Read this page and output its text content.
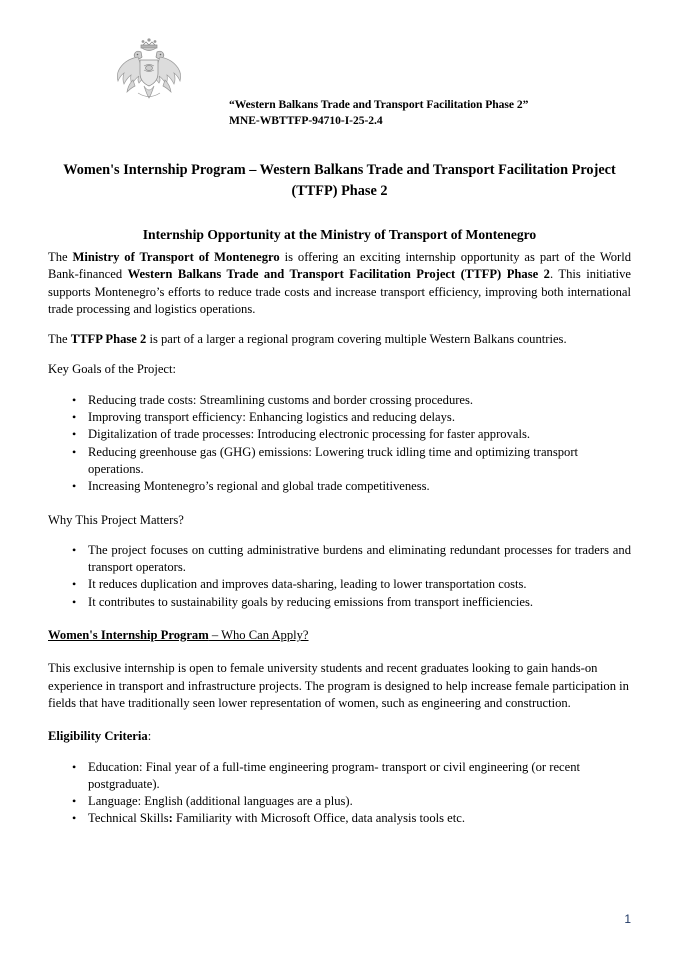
“Western Balkans Trade and Transport Facilitation Phase 2”
MNE-WBTTFP-94710-I-25-2.4
Women's Internship Program – Western Balkans Trade and Transport Facilitation Project (TTFP) Phase 2
Internship Opportunity at the Ministry of Transport of Montenegro

The Ministry of Transport of Montenegro is offering an exciting internship opportunity as part of the World Bank-financed Western Balkans Trade and Transport Facilitation Project (TTFP) Phase 2. This initiative supports Montenegro’s efforts to reduce trade costs and increase transport efficiency, improving both international trade processing and logistics operations.

The TTFP Phase 2 is part of a larger a regional program covering multiple Western Balkans countries.

Key Goals of the Project:

• Reducing trade costs: Streamlining customs and border crossing procedures.
• Improving transport efficiency: Enhancing logistics and reducing delays.
• Digitalization of trade processes: Introducing electronic processing for faster approvals.
• Reducing greenhouse gas (GHG) emissions: Lowering truck idling time and optimizing transport operations.
• Increasing Montenegro’s regional and global trade competitiveness.

Why This Project Matters?

• The project focuses on cutting administrative burdens and eliminating redundant processes for traders and transport operators.
• It reduces duplication and improves data-sharing, leading to lower transportation costs.
• It contributes to sustainability goals by reducing emissions from transport inefficiencies.

Women's Internship Program – Who Can Apply?

This exclusive internship is open to female university students and recent graduates looking to gain hands-on experience in transport and infrastructure projects. The program is designed to help increase female participation in fields that have traditionally seen lower representation of women, such as engineering and construction.

Eligibility Criteria:

• Education: Final year of a full-time engineering program- transport or civil engineering (or recent postgraduate).
• Language: English (additional languages are a plus).
• Technical Skills: Familiarity with Microsoft Office, data analysis tools etc.
1
